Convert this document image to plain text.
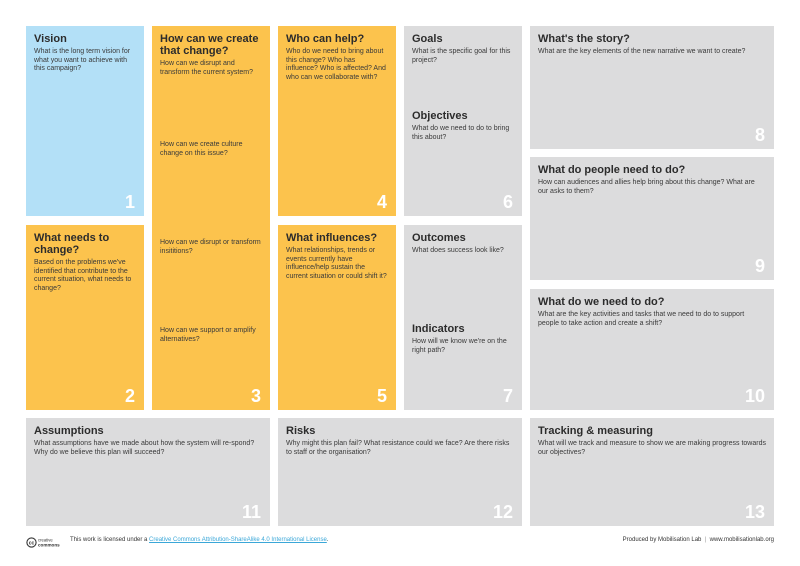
Vision
What is the long term vision for what you want to achieve with this campaign?
1
What needs to change?
Based on the problems we've identified that contribute to the current situation, what needs to change?
2
How can we create that change?
How can we disrupt and transform the current system?
How can we create culture change on this issue?
How can we disrupt or transform insititions?
How can we support or amplify alternatives?
3
Who can help?
Who do we need to bring about this change? Who has influence? Who is affected? And who can we collaborate with?
4
What influences?
What relationships, trends or events currently have influence/help sustain the current situation or could shift it?
5
Goals
What is the specific goal for this project?
Objectives
What do we need to do to bring this about?
6
Outcomes
What does success look like?
Indicators
How will we know we're on the right path?
7
What's the story?
What are the key elements of the new narrative we want to create?
8
What do people need to do?
How can audiences and allies help bring about this change? What are our asks to them?
9
What do we need to do?
What are the key activities and tasks that we need to do to support people to take action and create a shift?
10
Assumptions
What assumptions have we made about how the system will re-spond? Why do we believe this plan will succeed?
11
Risks
Why might this plan fail? What resistance could we face? Are there risks to staff or the organisation?
12
Tracking & measuring
What will we track and measure to show we are making progress towards our objectives?
13
cc
creative
commons
This work is licensed under a Creative Commons Attribution-ShareAlike 4.0 International License.	Produced by Mobilisation Lab | www.mobilisationlab.org
